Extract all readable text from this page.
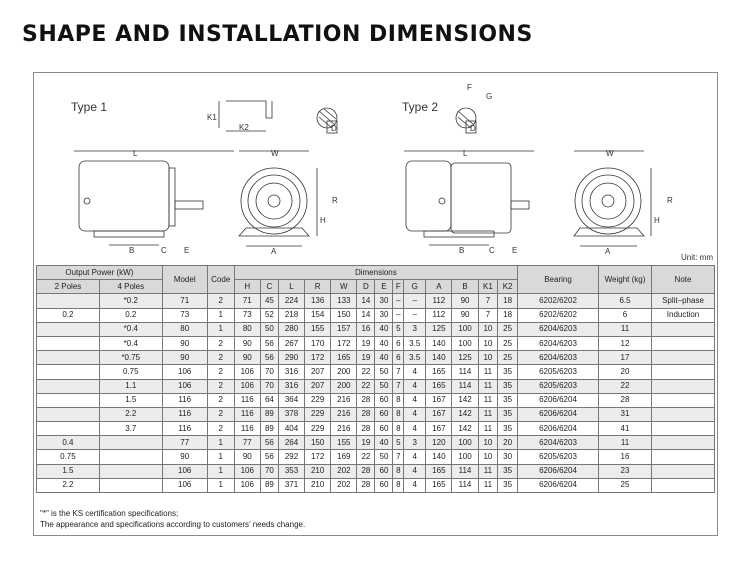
SHAPE AND INSTALLATION DIMENSIONS
Type 1	Type 2
K1
K2	D
L
B	C E
W
A
H
R
F
G
D
L
B	C E
W
A
H
R
Unit: mm
Output Power (kW)		Model	Code	Dimensions													Bearing	Weight (kg)	Note
2 Poles	4 Poles			H	C	L	R	W	D	E	F	G	A	B	K1	K2			
	*0.2	71	2	71	45	224	136	133	14	30	–	–	112	90	7	18	6202/6202	6.5	Split–phase
0.2	0.2	73	1	73	52	218	154	150	14	30	–	–	112	90	7	18	6202/6202	6	Induction
	*0.4	80	1	80	50	280	155	157	16	40	5	3	125	100	10	25	6204/6203	11	
	*0.4	90	2	90	56	267	170	172	19	40	6	3.5	140	100	10	25	6204/6203	12	
	*0.75	90	2	90	56	290	172	165	19	40	6	3.5	140	125	10	25	6204/6203	17	
	0.75	106	2	106	70	316	207	200	22	50	7	4	165	114	11	35	6205/6203	20	
	1.1	106	2	106	70	316	207	200	22	50	7	4	165	114	11	35	6205/6203	22	
	1.5	116	2	116	64	364	229	216	28	60	8	4	167	142	11	35	6206/6204	28	
	2.2	116	2	116	89	378	229	216	28	60	8	4	167	142	11	35	6206/6204	31	
	3.7	116	2	116	89	404	229	216	28	60	8	4	167	142	11	35	6206/6204	41	
0.4		77	1	77	56	264	150	155	19	40	5	3	120	100	10	20	6204/6203	11	
0.75		90	1	90	56	292	172	169	22	50	7	4	140	100	10	30	6205/6203	16	
1.5		106	1	106	70	353	210	202	28	60	8	4	165	114	11	35	6206/6204	23	
2.2		106	1	106	89	371	210	202	28	60	8	4	165	114	11	35	6206/6204	25	
"*" is the KS certification specifications;
The appearance and specifications according to customers’ needs change.
